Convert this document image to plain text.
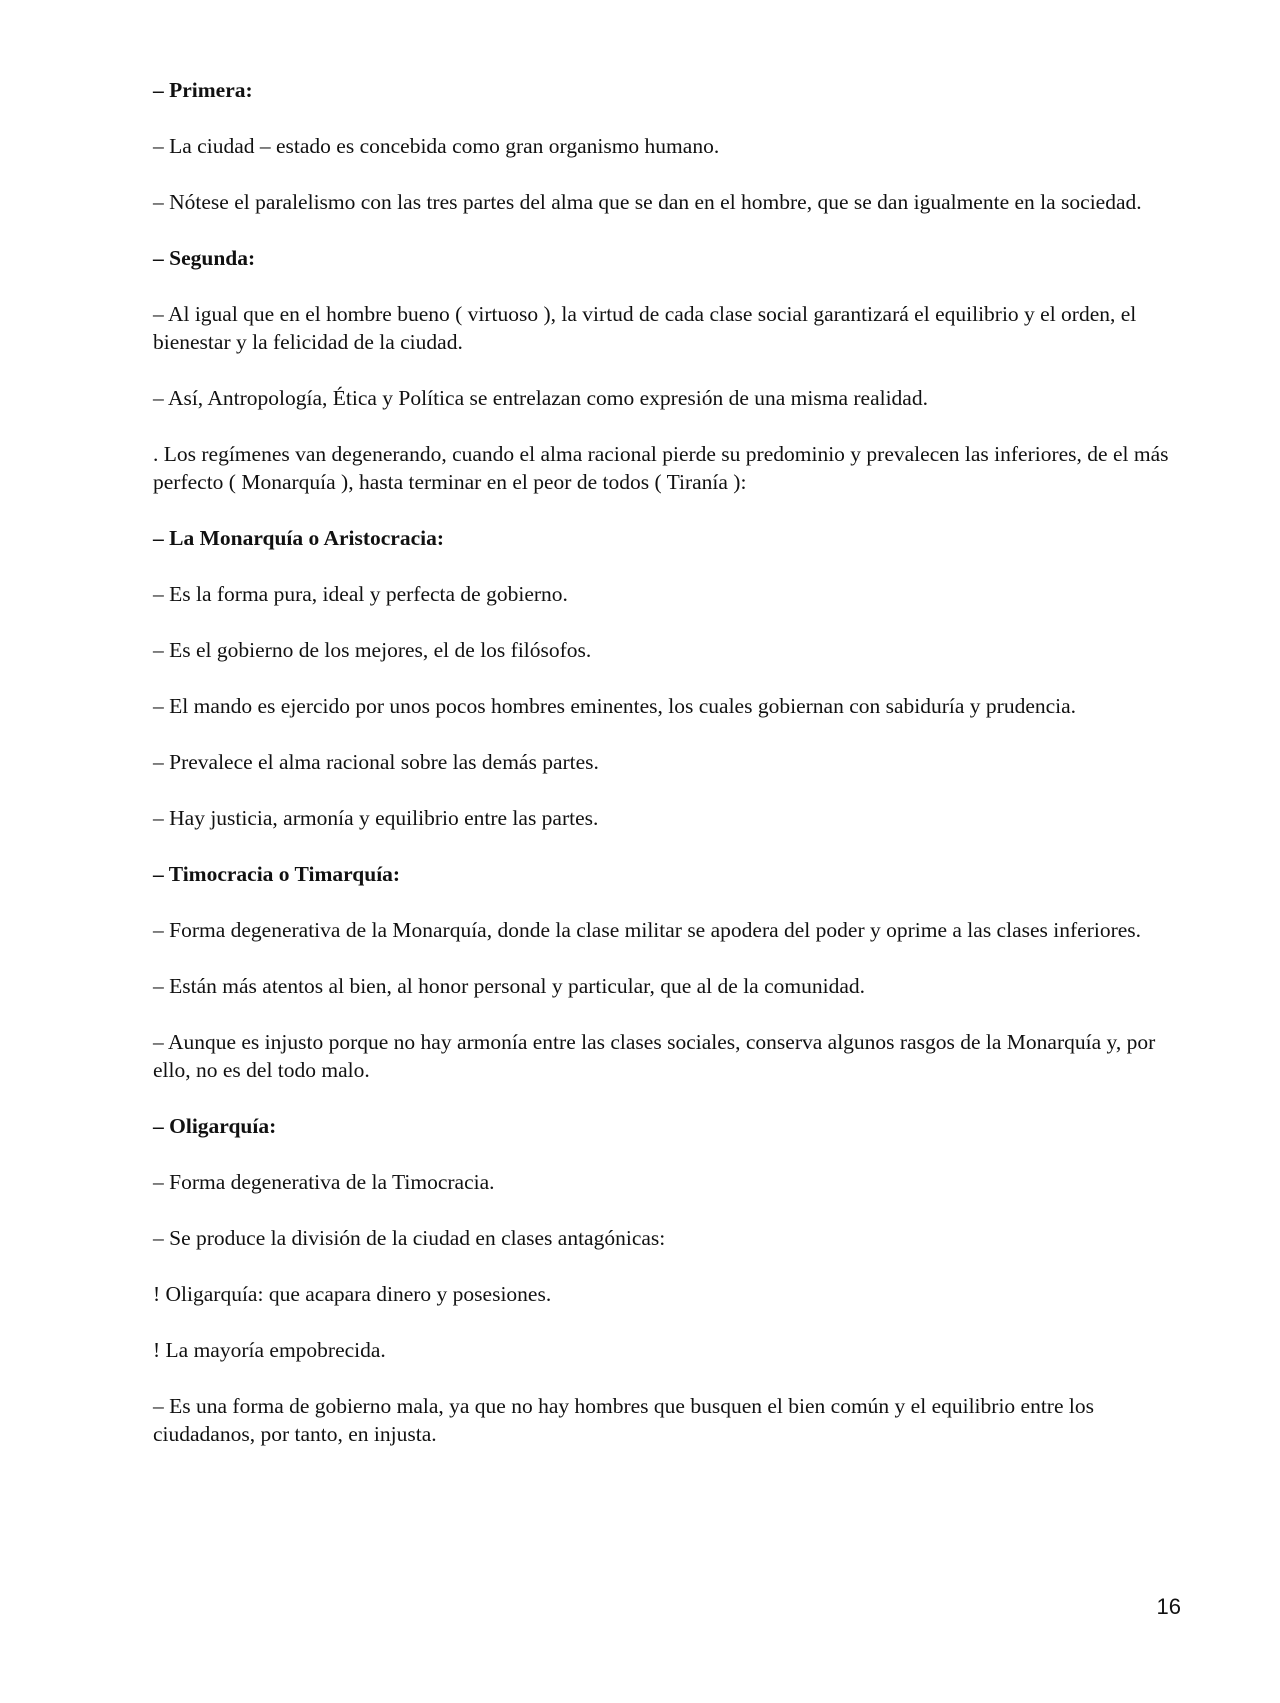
– Primera:

– La ciudad – estado es concebida como gran organismo humano.

– Nótese el paralelismo con las tres partes del alma que se dan en el hombre, que se dan igualmente en la sociedad.

– Segunda:

– Al igual que en el hombre bueno ( virtuoso ), la virtud de cada clase social garantizará el equilibrio y el orden, el bienestar y la felicidad de la ciudad.

– Así, Antropología, Ética y Política se entrelazan como expresión de una misma realidad.

. Los regímenes van degenerando, cuando el alma racional pierde su predominio y prevalecen las inferiores, de el más perfecto ( Monarquía ), hasta terminar en el peor de todos ( Tiranía ):

– La Monarquía o Aristocracia:

– Es la forma pura, ideal y perfecta de gobierno.

– Es el gobierno de los mejores, el de los filósofos.

– El mando es ejercido por unos pocos hombres eminentes, los cuales gobiernan con sabiduría y prudencia.

– Prevalece el alma racional sobre las demás partes.

– Hay justicia, armonía y equilibrio entre las partes.

– Timocracia o Timarquía:

– Forma degenerativa de la Monarquía, donde la clase militar se apodera del poder y oprime a las clases inferiores.

– Están más atentos al bien, al honor personal y particular, que al de la comunidad.

– Aunque es injusto porque no hay armonía entre las clases sociales, conserva algunos rasgos de la Monarquía y, por ello, no es del todo malo.

– Oligarquía:

– Forma degenerativa de la Timocracia.

– Se produce la división de la ciudad en clases antagónicas:

! Oligarquía: que acapara dinero y posesiones.

! La mayoría empobrecida.

– Es una forma de gobierno mala, ya que no hay hombres que busquen el bien común y el equilibrio entre los ciudadanos, por tanto, en injusta.

16
